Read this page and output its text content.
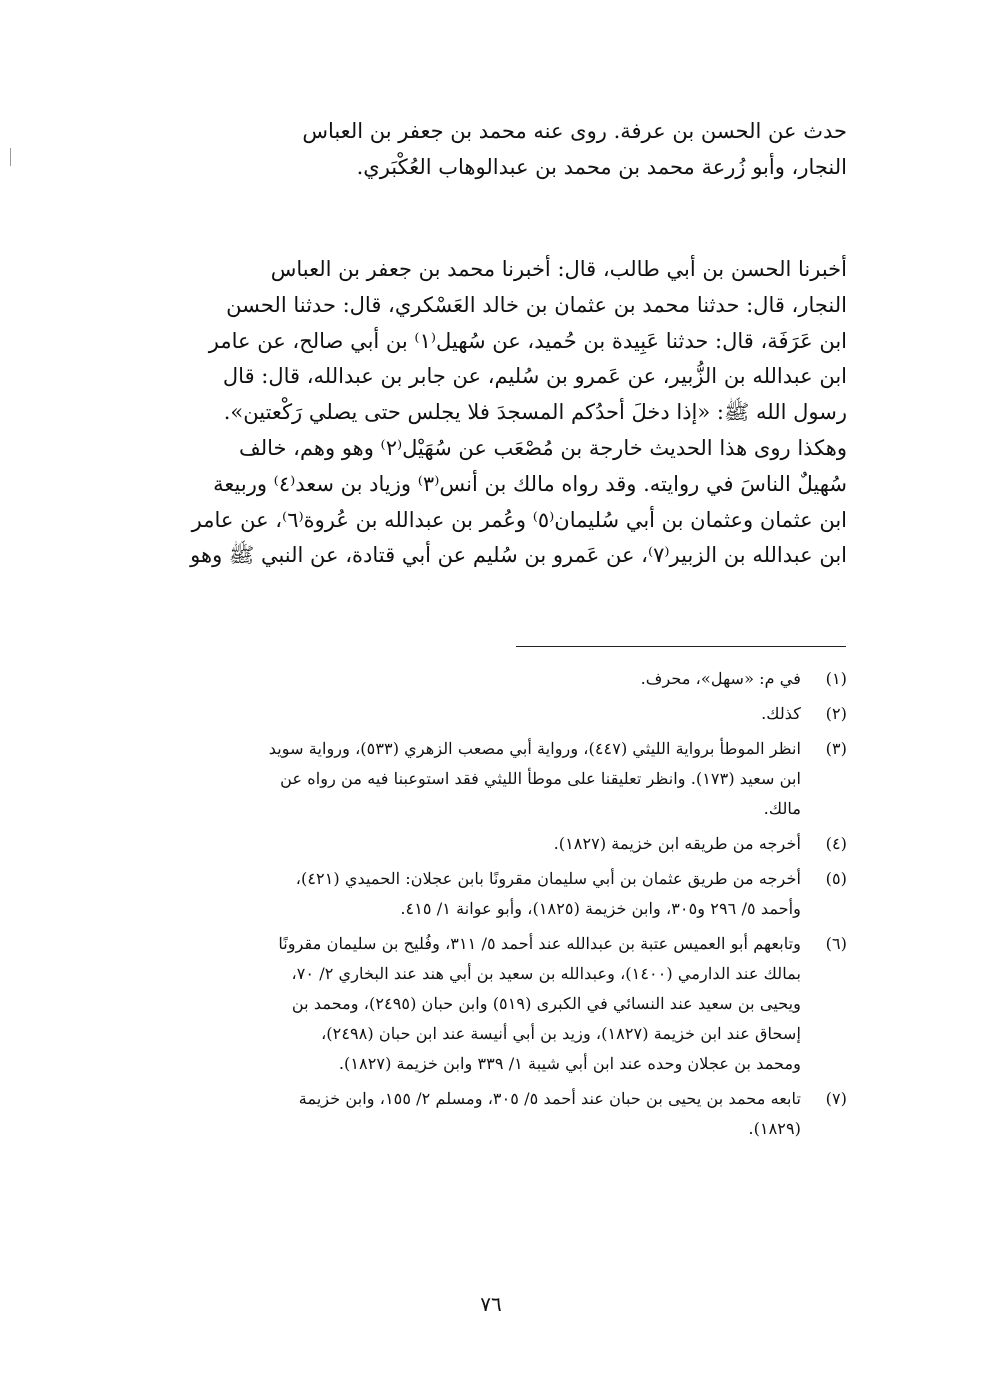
حدث عن الحسن بن عرفة. روى عنه محمد بن جعفر بن العباس
النجار، وأبو زُرعة محمد بن محمد بن عبدالوهاب العُكْبَري.
أخبرنا الحسن بن أبي طالب، قال: أخبرنا محمد بن جعفر بن العباس
النجار، قال: حدثنا محمد بن عثمان بن خالد العَسْكري، قال: حدثنا الحسن
ابن عَرَفَة، قال: حدثنا عَبِيدة بن حُميد، عن سُهيل⁽١⁾ بن أبي صالح، عن عامر
ابن عبدالله بن الزُّبير، عن عَمرو بن سُليم، عن جابر بن عبدالله، قال: قال
رسول الله ﷺ: «إذا دخلَ أحدُكم المسجدَ فلا يجلس حتى يصلي رَكْعتين».
وهكذا روى هذا الحديث خارجة بن مُصْعَب عن سُهَيْل⁽٢⁾ وهو وهم، خالف
سُهيلٌ الناسَ في روايته. وقد رواه مالك بن أنس⁽٣⁾ وزياد بن سعد⁽٤⁾ وربيعة
ابن عثمان وعثمان بن أبي سُليمان⁽٥⁾ وعُمر بن عبدالله بن عُروة⁽٦⁾، عن عامر
ابن عبدالله بن الزبير⁽٧⁾، عن عَمرو بن سُليم عن أبي قتادة، عن النبي ﷺ وهو
(١)
في م: «سهل»، محرف.
(٢)
كذلك.
(٣)
انظر الموطأ برواية الليثي (٤٤٧)، ورواية أبي مصعب الزهري (٥٣٣)، ورواية سويد
ابن سعيد (١٧٣). وانظر تعليقنا على موطأ الليثي فقد استوعبنا فيه من رواه عن
مالك.
(٤)
أخرجه من طريقه ابن خزيمة (١٨٢٧).
(٥)
أخرجه من طريق عثمان بن أبي سليمان مقرونًا بابن عجلان: الحميدي (٤٢١)،
وأحمد ٥/ ٢٩٦ و٣٠٥، وابن خزيمة (١٨٢٥)، وأبو عوانة ١/ ٤١٥.
(٦)
وتابعهم أبو العميس عتبة بن عبدالله عند أحمد ٥/ ٣١١، وفُليح بن سليمان مقرونًا
بمالك عند الدارمي (١٤٠٠)، وعبدالله بن سعيد بن أبي هند عند البخاري ٢/ ٧٠،
ويحيى بن سعيد عند النسائي في الكبرى (٥١٩) وابن حبان (٢٤٩٥)، ومحمد بن
إسحاق عند ابن خزيمة (١٨٢٧)، وزيد بن أبي أنيسة عند ابن حبان (٢٤٩٨)،
ومحمد بن عجلان وحده عند ابن أبي شيبة ١/ ٣٣٩ وابن خزيمة (١٨٢٧).
(٧)
تابعه محمد بن يحيى بن حبان عند أحمد ٥/ ٣٠٥، ومسلم ٢/ ١٥٥، وابن خزيمة
(١٨٢٩).
٧٦
